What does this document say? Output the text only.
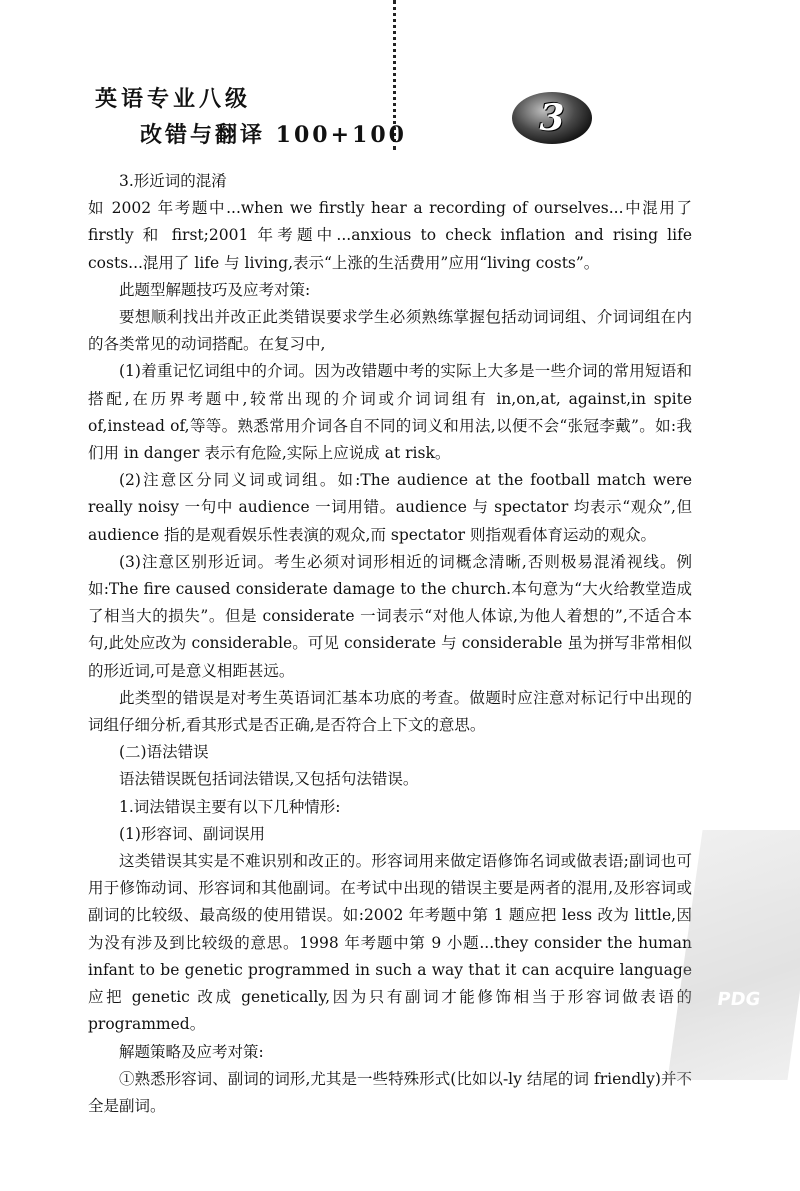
英语专业八级
改错与翻译 100+100	3

3.形近词的混淆

如 2002 年考题中...when we firstly hear a recording of ourselves...中混用了 firstly 和 first;2001 年考题中...anxious to check inflation and rising life costs...混用了 life 与 living,表示“上涨的生活费用”应用“living costs”。

此题型解题技巧及应考对策:

要想顺利找出并改正此类错误要求学生必须熟练掌握包括动词词组、介词词组在内的各类常见的动词搭配。在复习中,

(1)着重记忆词组中的介词。因为改错题中考的实际上大多是一些介词的常用短语和搭配,在历界考题中,较常出现的介词或介词词组有 in,on,at, against,in spite of,instead of,等等。熟悉常用介词各自不同的词义和用法,以便不会“张冠李戴”。如:我们用 in danger 表示有危险,实际上应说成 at risk。

(2)注意区分同义词或词组。如:The audience at the football match were really noisy 一句中 audience 一词用错。audience 与 spectator 均表示“观众”,但 audience 指的是观看娱乐性表演的观众,而 spectator 则指观看体育运动的观众。

(3)注意区别形近词。考生必须对词形相近的词概念清晰,否则极易混淆视线。例如:The fire caused considerate damage to the church.本句意为“大火给教堂造成了相当大的损失”。但是 considerate 一词表示“对他人体谅,为他人着想的”,不适合本句,此处应改为 considerable。可见 considerate 与 considerable 虽为拼写非常相似的形近词,可是意义相距甚远。

此类型的错误是对考生英语词汇基本功底的考查。做题时应注意对标记行中出现的词组仔细分析,看其形式是否正确,是否符合上下文的意思。

(二)语法错误

语法错误既包括词法错误,又包括句法错误。

1.词法错误主要有以下几种情形:

(1)形容词、副词误用

这类错误其实是不难识别和改正的。形容词用来做定语修饰名词或做表语;副词也可用于修饰动词、形容词和其他副词。在考试中出现的错误主要是两者的混用,及形容词或副词的比较级、最高级的使用错误。如:2002 年考题中第 1 题应把 less 改为 little,因为没有涉及到比较级的意思。1998 年考题中第 9 小题...they consider the human infant to be genetic programmed in such a way that it can acquire language 应把 genetic 改成 genetically,因为只有副词才能修饰相当于形容词做表语的 programmed。

解题策略及应考对策:

①熟悉形容词、副词的词形,尤其是一些特殊形式(比如以-ly 结尾的词 friendly)并不全是副词。

PDG
